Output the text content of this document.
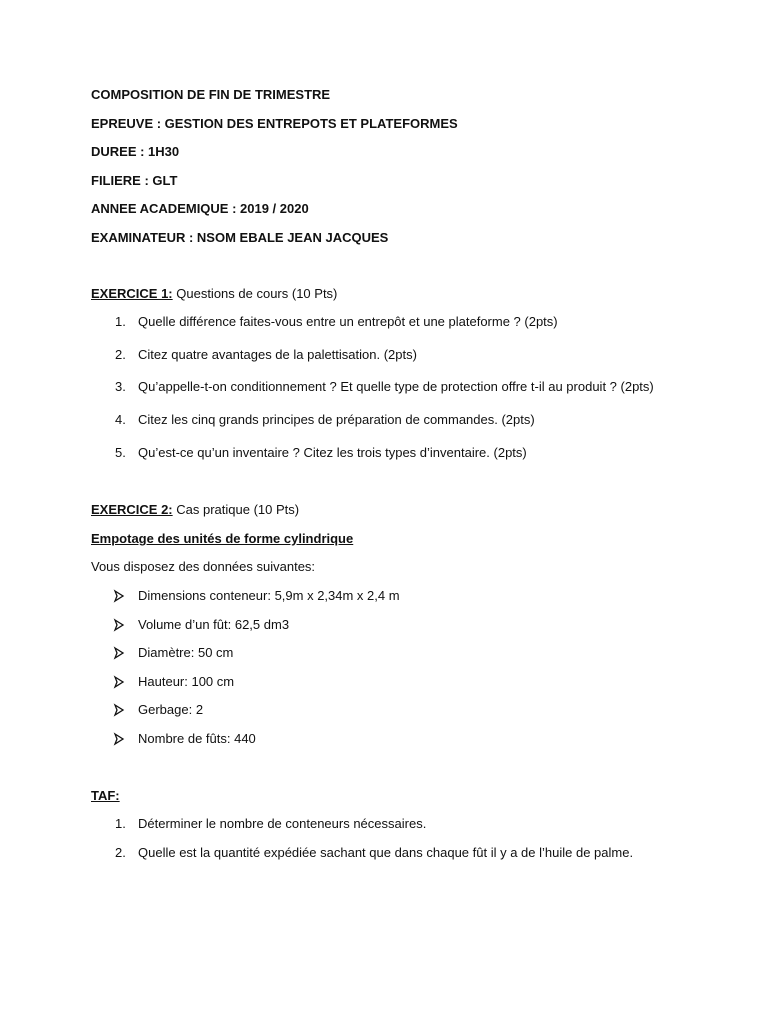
COMPOSITION DE FIN DE TRIMESTRE
EPREUVE : GESTION DES ENTREPOTS ET PLATEFORMES
DUREE : 1H30
FILIERE : GLT
ANNEE ACADEMIQUE : 2019 / 2020
EXAMINATEUR : NSOM EBALE JEAN JACQUES
EXERCICE 1: Questions de cours (10 Pts)
1. Quelle différence faites-vous entre un entrepôt et une plateforme ? (2pts)
2. Citez quatre avantages de la palettisation. (2pts)
3. Qu’appelle-t-on conditionnement ? Et quelle type de protection offre t-il au produit ? (2pts)
4. Citez les cinq grands principes de préparation de commandes. (2pts)
5. Qu’est-ce qu’un inventaire ? Citez les trois types d’inventaire. (2pts)
EXERCICE 2: Cas pratique (10 Pts)
Empotage des unités de forme cylindrique
Vous disposez des données suivantes:
Dimensions conteneur: 5,9m x 2,34m x 2,4 m
Volume d’un fût: 62,5 dm3
Diamètre: 50 cm
Hauteur: 100 cm
Gerbage: 2
Nombre de fûts: 440
TAF:
1. Déterminer le nombre de conteneurs nécessaires.
2. Quelle est la quantité expédiée sachant que dans chaque fût il y a de l’huile de palme.
